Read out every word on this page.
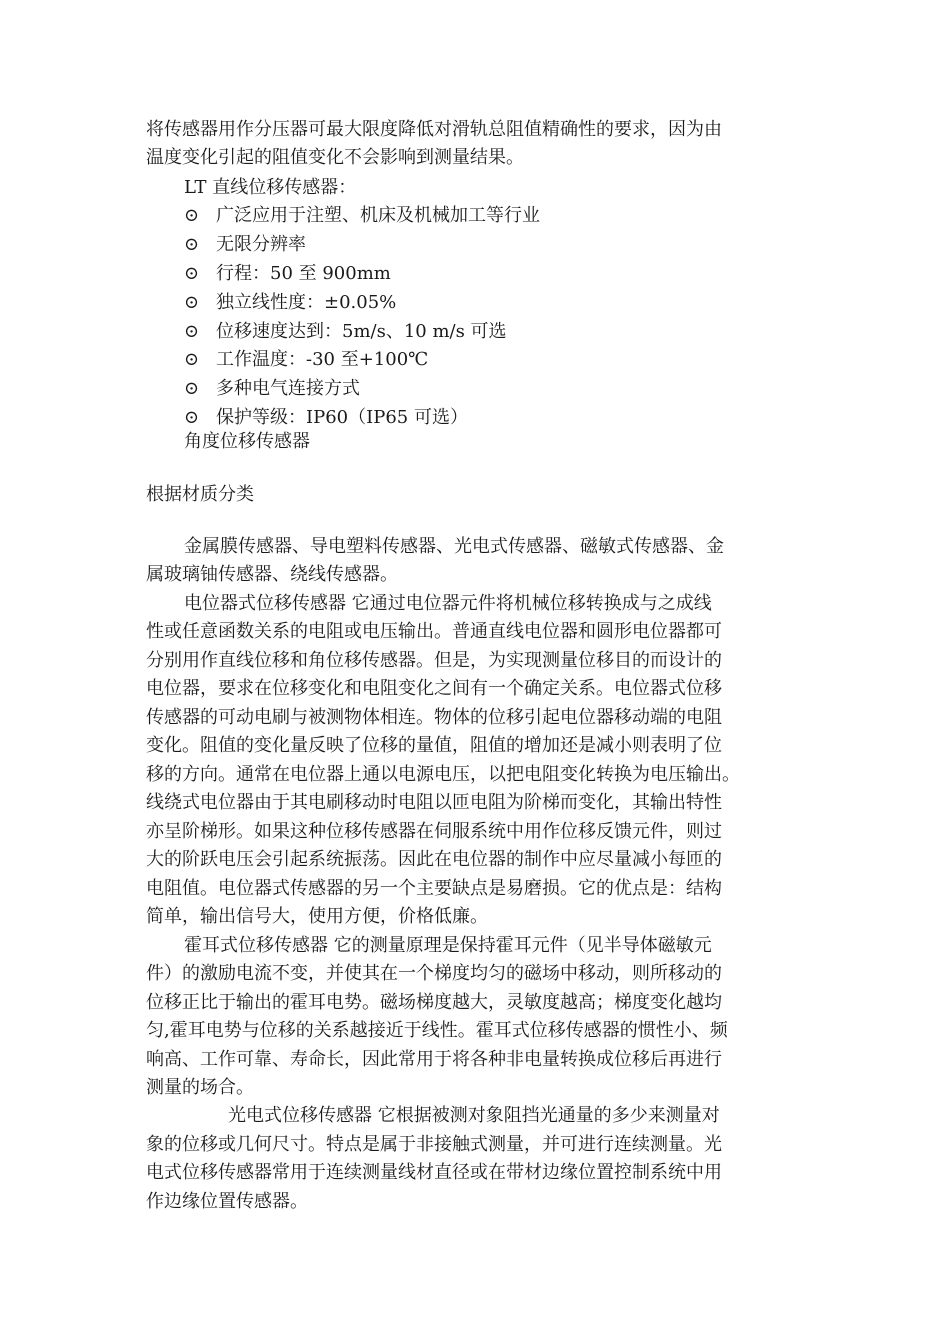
将传感器用作分压器可最大限度降低对滑轨总阻值精确性的要求，因为由
温度变化引起的阻值变化不会影响到测量结果。
LT 直线位移传感器：
⊙ 广泛应用于注塑、机床及机械加工等行业
⊙ 无限分辨率
⊙ 行程：50 至 900mm
⊙ 独立线性度：±0.05%
⊙ 位移速度达到：5m/s、10 m/s 可选
⊙ 工作温度：-30 至+100℃
⊙ 多种电气连接方式
⊙ 保护等级：IP60（IP65 可选）
角度位移传感器
根据材质分类
金属膜传感器、导电塑料传感器、光电式传感器、磁敏式传感器、金
属玻璃铀传感器、绕线传感器。
电位器式位移传感器 它通过电位器元件将机械位移转换成与之成线
性或任意函数关系的电阻或电压输出。普通直线电位器和圆形电位器都可
分别用作直线位移和角位移传感器。但是，为实现测量位移目的而设计的
电位器，要求在位移变化和电阻变化之间有一个确定关系。电位器式位移
传感器的可动电刷与被测物体相连。物体的位移引起电位器移动端的电阻
变化。阻值的变化量反映了位移的量值，阻值的增加还是减小则表明了位
移的方向。通常在电位器上通以电源电压，以把电阻变化转换为电压输出。
线绕式电位器由于其电刷移动时电阻以匝电阻为阶梯而变化，其输出特性
亦呈阶梯形。如果这种位移传感器在伺服系统中用作位移反馈元件，则过
大的阶跃电压会引起系统振荡。因此在电位器的制作中应尽量减小每匝的
电阻值。电位器式传感器的另一个主要缺点是易磨损。它的优点是：结构
简单，输出信号大，使用方便，价格低廉。
霍耳式位移传感器 它的测量原理是保持霍耳元件（见半导体磁敏元
件）的激励电流不变，并使其在一个梯度均匀的磁场中移动，则所移动的
位移正比于输出的霍耳电势。磁场梯度越大，灵敏度越高；梯度变化越均
匀,霍耳电势与位移的关系越接近于线性。霍耳式位移传感器的惯性小、频
响高、工作可靠、寿命长，因此常用于将各种非电量转换成位移后再进行
测量的场合。
光电式位移传感器 它根据被测对象阻挡光通量的多少来测量对
象的位移或几何尺寸。特点是属于非接触式测量，并可进行连续测量。光
电式位移传感器常用于连续测量线材直径或在带材边缘位置控制系统中用
作边缘位置传感器。
